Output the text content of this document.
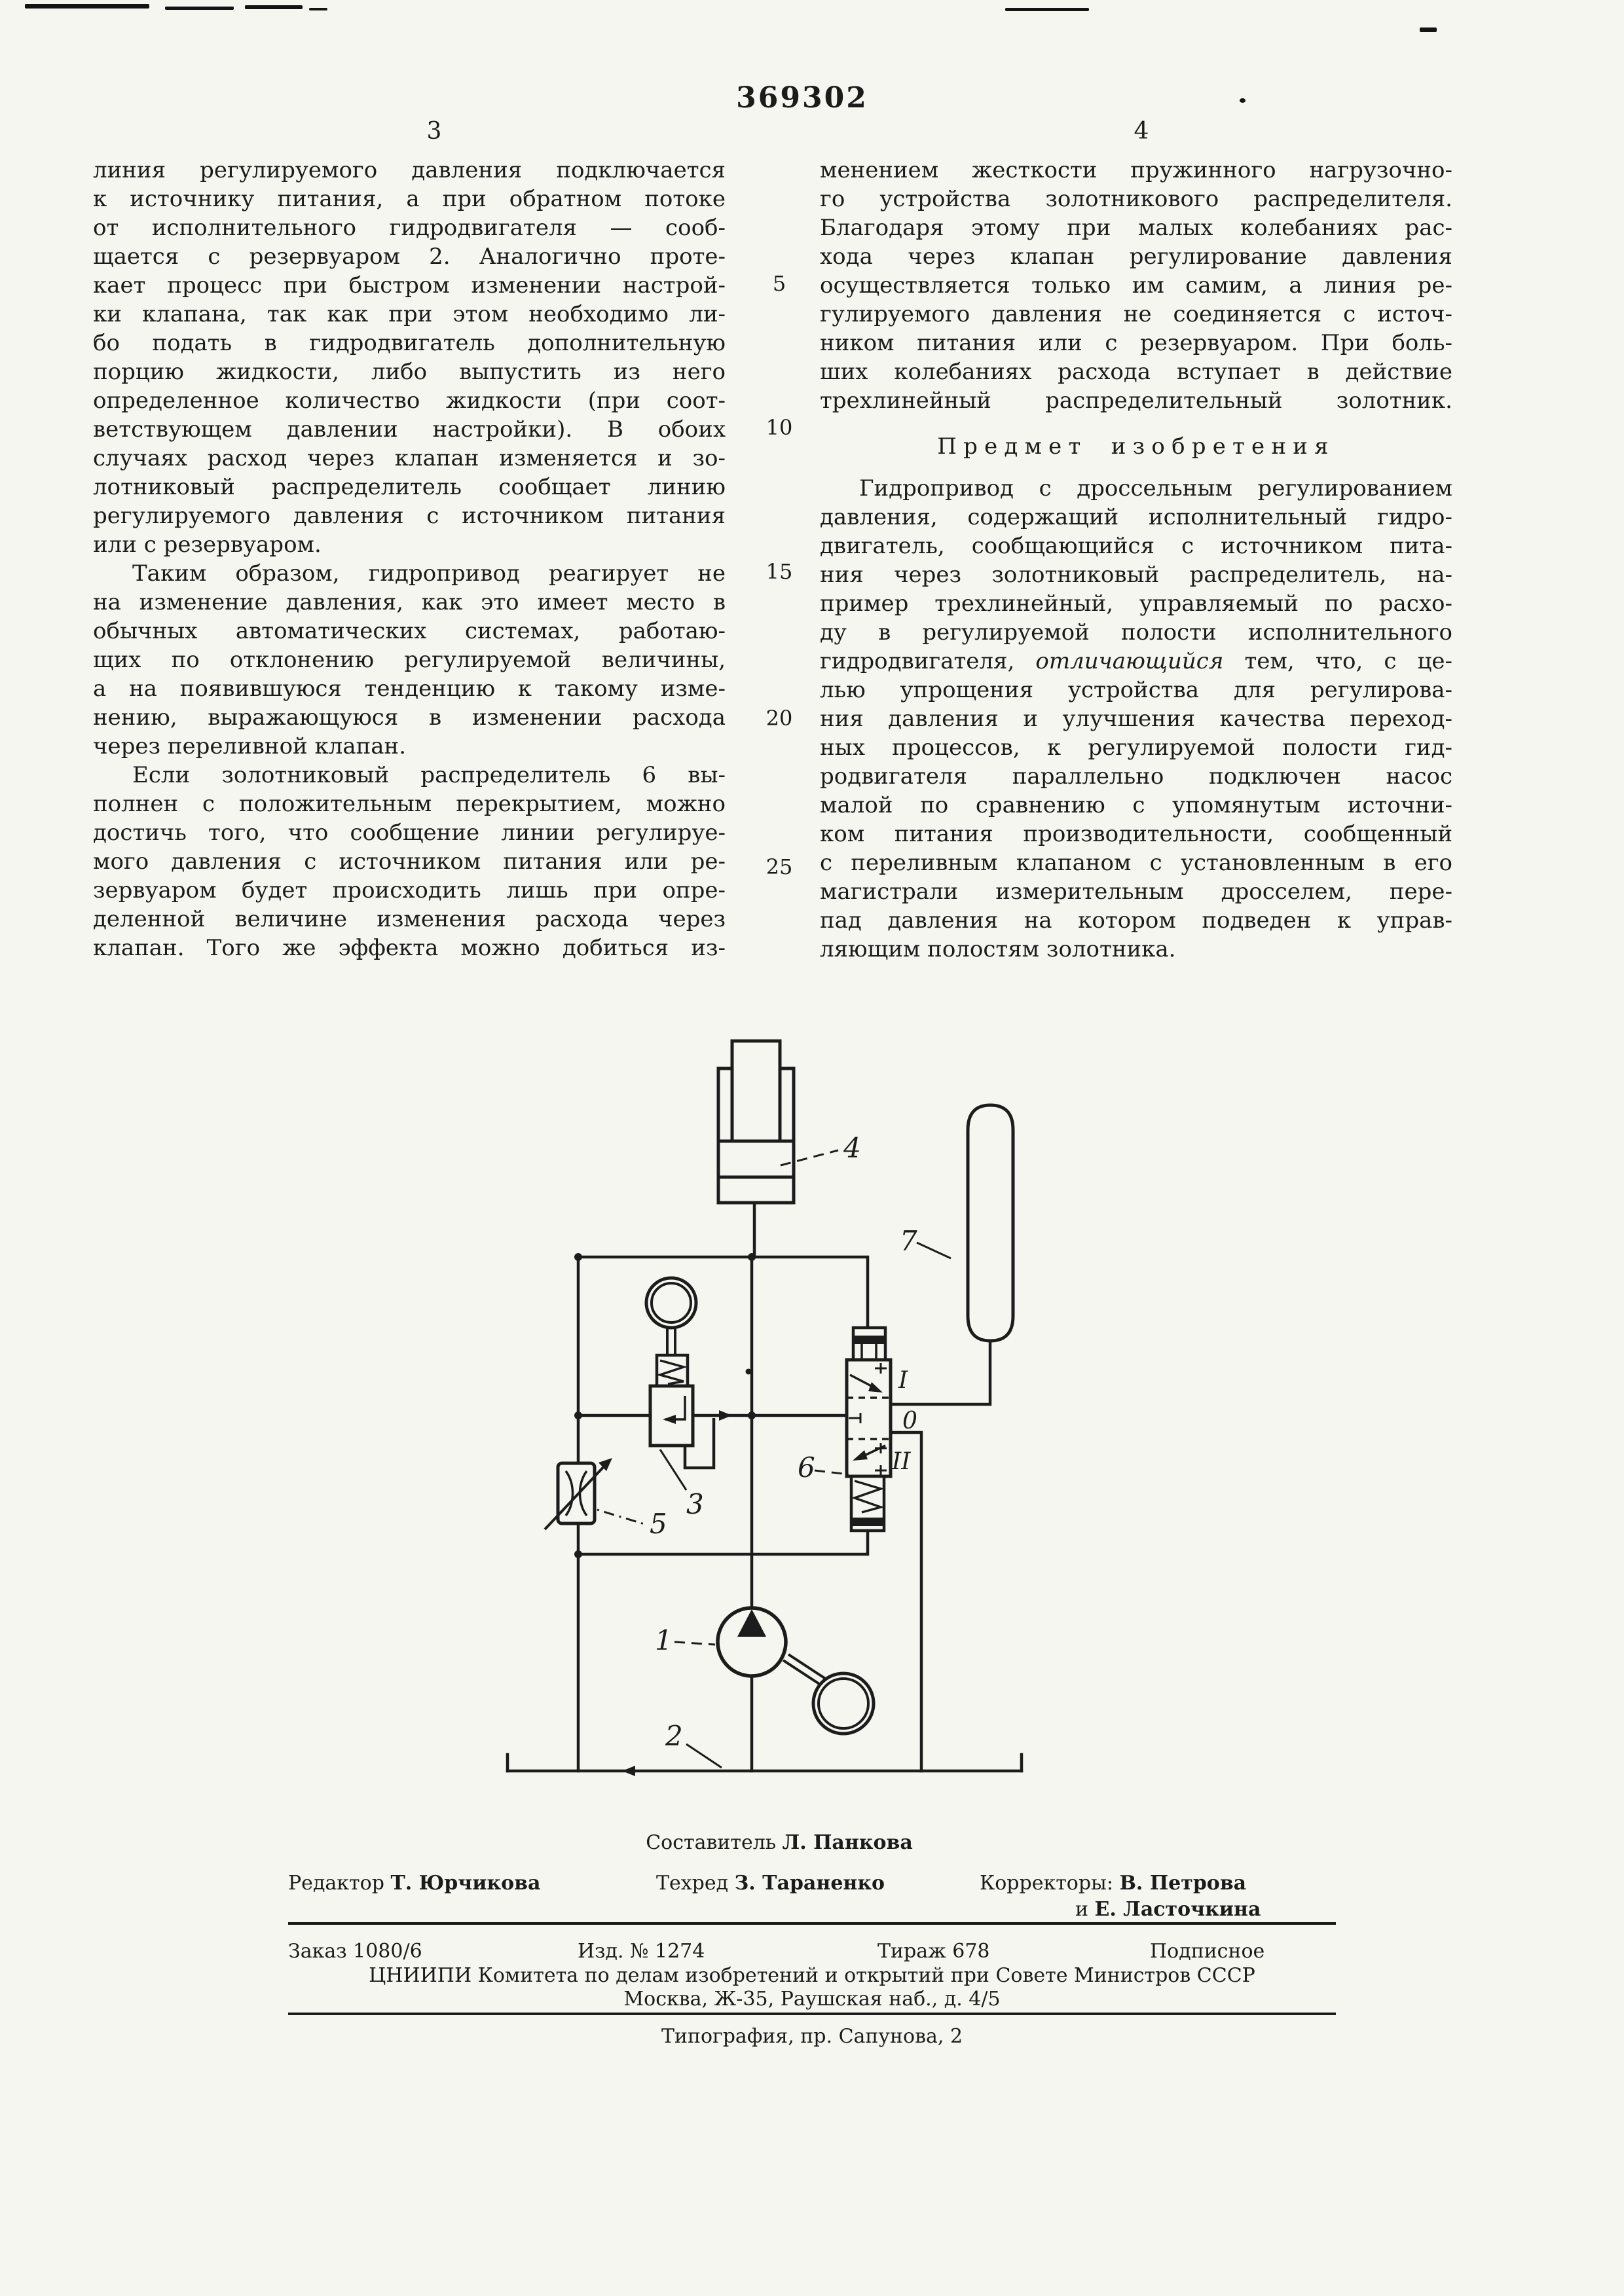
369302
3	4
линия регулируемого давления подключается
к источнику питания, а при обратном потоке
от исполнительного гидродвигателя — сооб-
щается с резервуаром 2. Аналогично проте-
кает процесс при быстром изменении настрой-
ки клапана, так как при этом необходимо ли-
бо подать в гидродвигатель дополнительную
порцию жидкости, либо выпустить из него
определенное количество жидкости (при соот-
ветствующем давлении настройки). В обоих
случаях расход через клапан изменяется и зо-
лотниковый распределитель сообщает линию
регулируемого давления с источником питания
или с резервуаром.
Таким образом, гидропривод реагирует не
на изменение давления, как это имеет место в
обычных автоматических системах, работаю-
щих по отклонению регулируемой величины,
а на появившуюся тенденцию к такому изме-
нению, выражающуюся в изменении расхода
через переливной клапан.
Если золотниковый распределитель 6 вы-
полнен с положительным перекрытием, можно
достичь того, что сообщение линии регулируе-
мого давления с источником питания или ре-
зервуаром будет происходить лишь при опре-
деленной величине изменения расхода через
клапан. Того же эффекта можно добиться из-
менением жесткости пружинного нагрузочно-
го устройства золотникового распределителя.
Благодаря этому при малых колебаниях рас-
хода через клапан регулирование давления
осуществляется только им самим, а линия ре-
гулируемого давления не соединяется с источ-
ником питания или с резервуаром. При боль-
ших колебаниях расхода вступает в действие
трехлинейный распределительный золотник.
Предмет изобретения
Гидропривод с дроссельным регулированием
давления, содержащий исполнительный гидро-
двигатель, сообщающийся с источником пита-
ния через золотниковый распределитель, на-
пример трехлинейный, управляемый по расхо-
ду в регулируемой полости исполнительного
гидродвигателя, отличающийся тем, что, с це-
лью упрощения устройства для регулирова-
ния давления и улучшения качества переход-
ных процессов, к регулируемой полости гид-
родвигателя параллельно подключен насос
малой по сравнению с упомянутым источни-
ком питания производительности, сообщенный
с переливным клапаном с установленным в его
магистрали измерительным дросселем, пере-
пад давления на котором подведен к управ-
ляющим полостям золотника.
5
10
15
20
25
4
7
1
2
3
5
6
I
0
II
Составитель Л. Панкова
Редактор Т. Юрчикова	Техред З. Тараненко	Корректоры: В. Петрова
и Е. Ласточкина
Заказ 1080/6	Изд. № 1274	Тираж 678	Подписное
ЦНИИПИ Комитета по делам изобретений и открытий при Совете Министров СССР
Москва, Ж-35, Раушская наб., д. 4/5
Типография, пр. Сапунова, 2
